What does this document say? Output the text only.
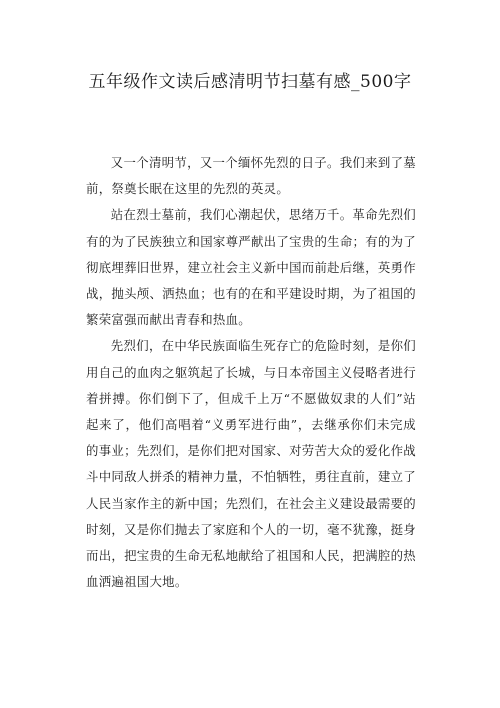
五年级作文读后感清明节扫墓有感_500字

又一个清明节，又一个缅怀先烈的日子。我们来到了墓前，祭奠长眠在这里的先烈的英灵。

站在烈士墓前，我们心潮起伏，思绪万千。革命先烈们有的为了民族独立和国家尊严献出了宝贵的生命；有的为了彻底埋葬旧世界，建立社会主义新中国而前赴后继，英勇作战，抛头颅、洒热血；也有的在和平建设时期，为了祖国的繁荣富强而献出青春和热血。

先烈们，在中华民族面临生死存亡的危险时刻，是你们用自己的血肉之躯筑起了长城，与日本帝国主义侵略者进行着拼搏。你们倒下了，但成千上万“不愿做奴隶的人们”站起来了，他们高唱着“义勇军进行曲”，去继承你们未完成的事业；先烈们，是你们把对国家、对劳苦大众的爱化作战斗中同敌人拼杀的精神力量，不怕牺牲，勇往直前，建立了人民当家作主的新中国；先烈们，在社会主义建设最需要的时刻，又是你们抛去了家庭和个人的一切，毫不犹豫，挺身而出，把宝贵的生命无私地献给了祖国和人民，把满腔的热血洒遍祖国大地。
